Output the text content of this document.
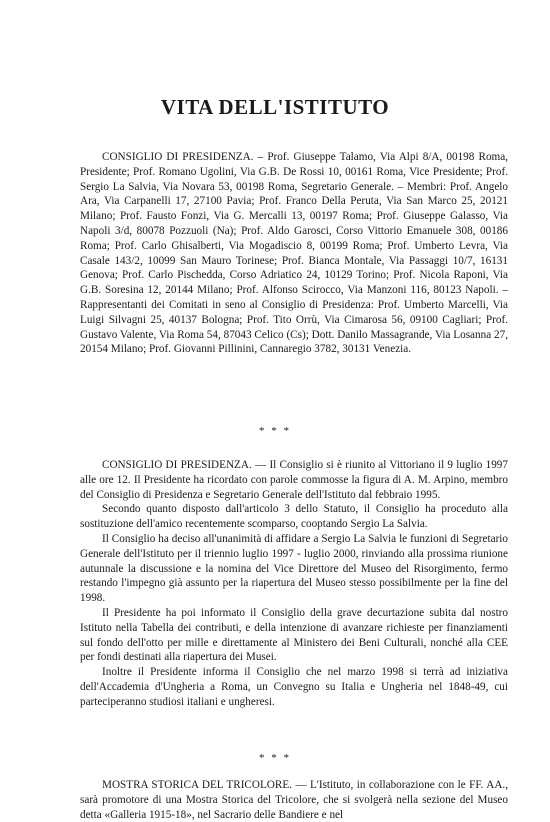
VITA DELL'ISTITUTO

CONSIGLIO DI PRESIDENZA. – Prof. Giuseppe Talamo, Via Alpi 8/A, 00198 Roma, Presidente; Prof. Romano Ugolini, Via G.B. De Rossi 10, 00161 Roma, Vice Presidente; Prof. Sergio La Salvia, Via Novara 53, 00198 Roma, Segretario Generale. – Membri: Prof. Angelo Ara, Via Carpanelli 17, 27100 Pavia; Prof. Franco Della Peruta, Via San Marco 25, 20121 Milano; Prof. Fausto Fonzi, Via G. Mercalli 13, 00197 Roma; Prof. Giuseppe Galasso, Via Napoli 3/d, 80078 Pozzuoli (Na); Prof. Aldo Garosci, Corso Vittorio Emanuele 308, 00186 Roma; Prof. Carlo Ghisalberti, Via Mogadiscio 8, 00199 Roma; Prof. Umberto Levra, Via Casale 143/2, 10099 San Mauro Torinese; Prof. Bianca Montale, Via Passaggi 10/7, 16131 Genova; Prof. Carlo Pischedda, Corso Adriatico 24, 10129 Torino; Prof. Nicola Raponi, Via G.B. Soresina 12, 20144 Milano; Prof. Alfonso Scirocco, Via Manzoni 116, 80123 Napoli. – Rappresentanti dei Comitati in seno al Consiglio di Presidenza: Prof. Umberto Marcelli, Via Luigi Silvagni 25, 40137 Bologna; Prof. Tito Orrù, Via Cimarosa 56, 09100 Cagliari; Prof. Gustavo Valente, Via Roma 54, 87043 Celico (Cs); Dott. Danilo Massagrande, Via Losanna 27, 20154 Milano; Prof. Giovanni Pillinini, Cannaregio 3782, 30131 Venezia.

* * *

CONSIGLIO DI PRESIDENZA. — Il Consiglio si è riunito al Vittoriano il 9 luglio 1997 alle ore 12. Il Presidente ha ricordato con parole commosse la figura di A. M. Arpino, membro del Consiglio di Presidenza e Segretario Generale dell'Istituto dal febbraio 1995.

Secondo quanto disposto dall'articolo 3 dello Statuto, il Consiglio ha proceduto alla sostituzione dell'amico recentemente scomparso, cooptando Sergio La Salvia.

Il Consiglio ha deciso all'unanimità di affidare a Sergio La Salvia le funzioni di Segretario Generale dell'Istituto per il triennio luglio 1997 - luglio 2000, rinviando alla prossima riunione autunnale la discussione e la nomina del Vice Direttore del Museo del Risorgimento, fermo restando l'impegno già assunto per la riapertura del Museo stesso possibilmente per la fine del 1998.

Il Presidente ha poi informato il Consiglio della grave decurtazione subita dal nostro Istituto nella Tabella dei contributi, e della intenzione di avanzare richieste per finanziamenti sul fondo dell'otto per mille e direttamente al Ministero dei Beni Culturali, nonché alla CEE per fondi destinati alla riapertura dei Musei.

Inoltre il Presidente informa il Consiglio che nel marzo 1998 si terrà ad iniziativa dell'Accademia d'Ungheria a Roma, un Convegno su Italia e Ungheria nel 1848-49, cui parteciperanno studiosi italiani e ungheresi.

* * *

MOSTRA STORICA DEL TRICOLORE. — L'Istituto, in collaborazione con le FF. AA., sarà promotore di una Mostra Storica del Tricolore, che si svolgerà nella sezione del Museo detta «Galleria 1915-18», nel Sacrario delle Bandiere e nel
